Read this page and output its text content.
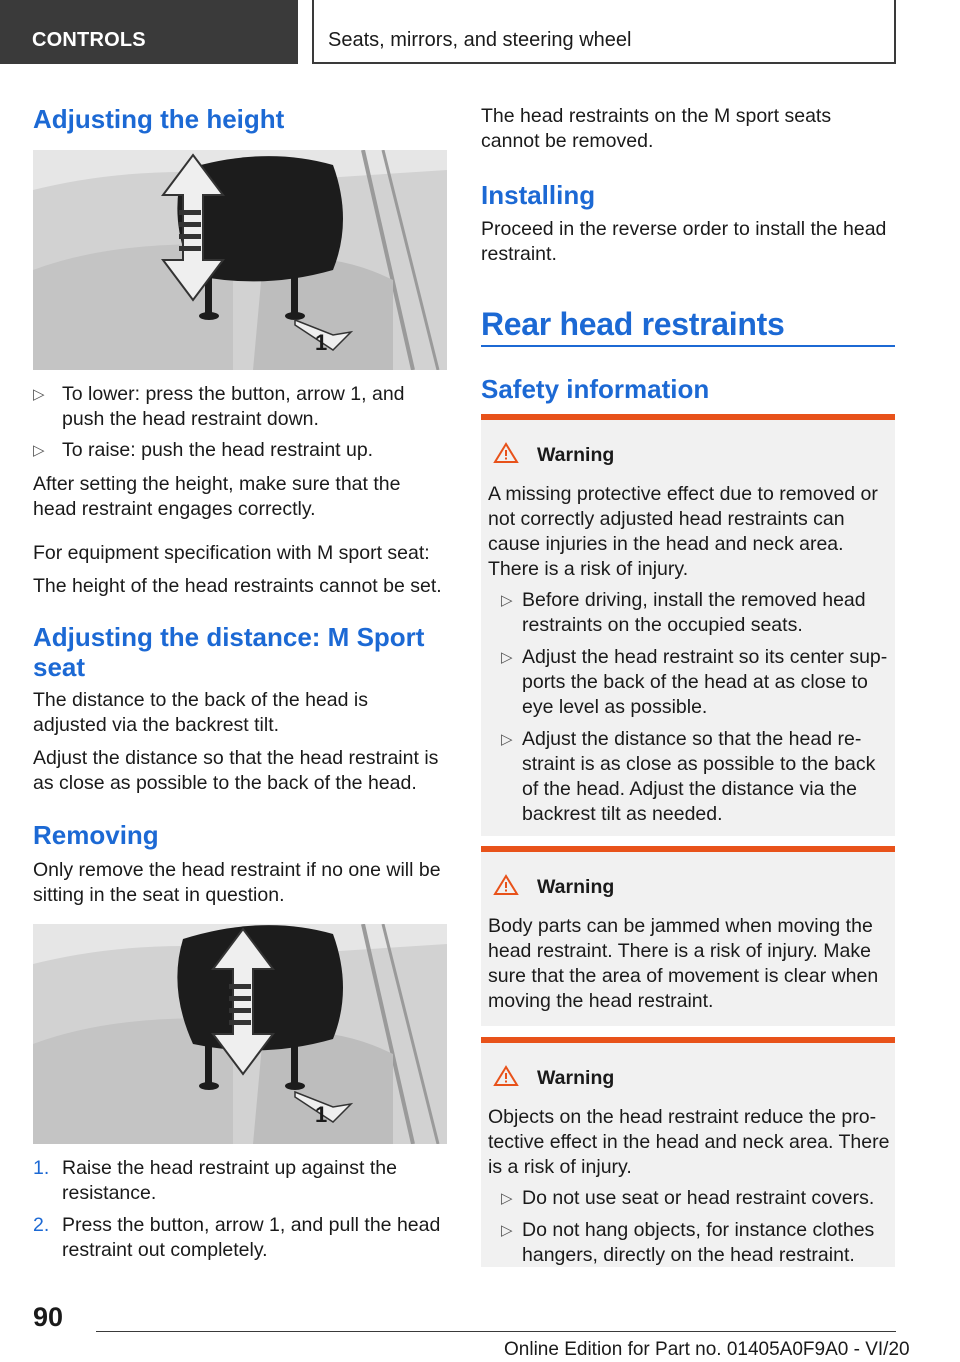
CONTROLS	Seats, mirrors, and steering wheel
Adjusting the height
1
▷ To lower: press the button, arrow 1, and push the head restraint down.
▷ To raise: push the head restraint up.

After setting the height, make sure that the head restraint engages correctly.

For equipment specification with M sport seat:

The height of the head restraints cannot be set.

Adjusting the distance: M Sport seat

The distance to the back of the head is adjusted via the backrest tilt.

Adjust the distance so that the head restraint is as close as possible to the back of the head.

Removing

Only remove the head restraint if no one will be sitting in the seat in question.

1
1. Raise the head restraint up against the resistance.
2. Press the button, arrow 1, and pull the head restraint out completely.

The head restraints on the M sport seats cannot be removed.

Installing

Proceed in the reverse order to install the head restraint.

Rear head restraints
Safety information
Warning

A missing protective effect due to removed or not correctly adjusted head restraints can cause injuries in the head and neck area. There is a risk of injury.

▷ Before driving, install the removed head restraints on the occupied seats.
▷ Adjust the head restraint so its center supports the back of the head at as close to eye level as possible.
▷ Adjust the distance so that the head restraint is as close as possible to the back of the head. Adjust the distance via the backrest tilt as needed.
Warning

Body parts can be jammed when moving the head restraint. There is a risk of injury. Make sure that the area of movement is clear when moving the head restraint.

Warning

Objects on the head restraint reduce the protective effect in the head and neck area. There is a risk of injury.

▷ Do not use seat or head restraint covers.
▷ Do not hang objects, for instance clothes hangers, directly on the head restraint.
90
Online Edition for Part no. 01405A0F9A0 - VI/20
